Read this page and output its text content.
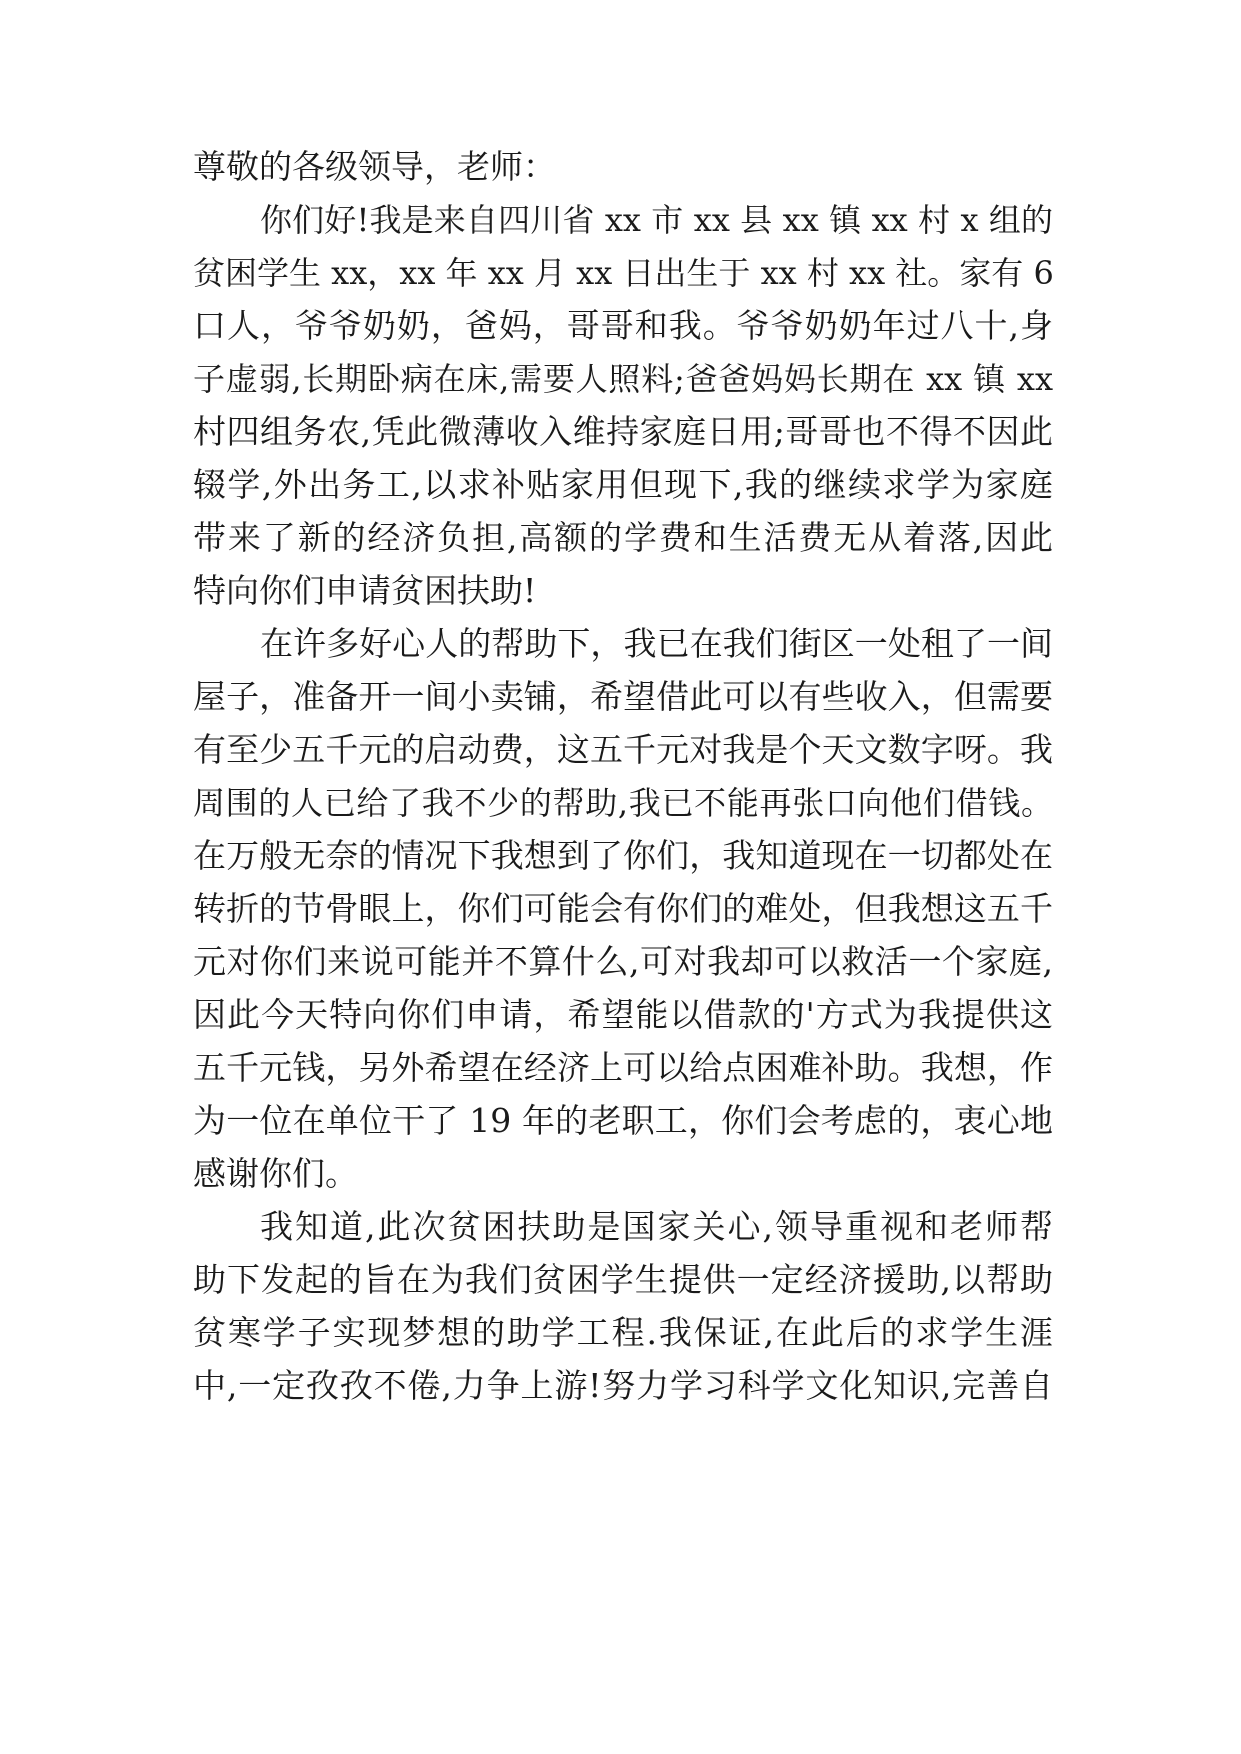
尊敬的各级领导，老师：
你们好!我是来自四川省 xx 市 xx 县 xx 镇 xx 村 x 组的
贫困学生 xx，xx 年 xx 月 xx 日出生于 xx 村 xx 社。家有 6
口人，爷爷奶奶，爸妈，哥哥和我。爷爷奶奶年过八十,身
子虚弱,长期卧病在床,需要人照料;爸爸妈妈长期在 xx 镇 xx
村四组务农,凭此微薄收入维持家庭日用;哥哥也不得不因此
辍学,外出务工,以求补贴家用但现下,我的继续求学为家庭
带来了新的经济负担,高额的学费和生活费无从着落,因此
特向你们申请贫困扶助!
在许多好心人的帮助下，我已在我们街区一处租了一间
屋子，准备开一间小卖铺，希望借此可以有些收入，但需要
有至少五千元的启动费，这五千元对我是个天文数字呀。我
周围的人已给了我不少的帮助,我已不能再张口向他们借钱。
在万般无奈的情况下我想到了你们，我知道现在一切都处在
转折的节骨眼上，你们可能会有你们的难处，但我想这五千
元对你们来说可能并不算什么,可对我却可以救活一个家庭,
因此今天特向你们申请，希望能以借款的'方式为我提供这
五千元钱，另外希望在经济上可以给点困难补助。我想，作
为一位在单位干了 19 年的老职工，你们会考虑的，衷心地
感谢你们。
我知道,此次贫困扶助是国家关心,领导重视和老师帮
助下发起的旨在为我们贫困学生提供一定经济援助,以帮助
贫寒学子实现梦想的助学工程.我保证,在此后的求学生涯
中,一定孜孜不倦,力争上游!努力学习科学文化知识,完善自
